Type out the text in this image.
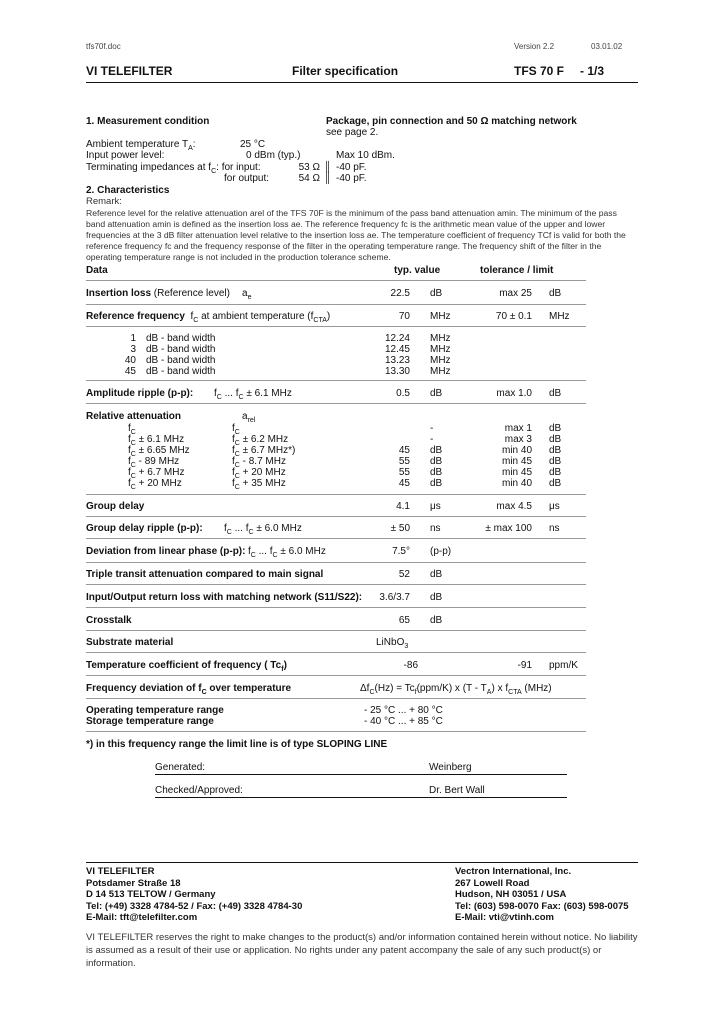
tfs70f.doc	Version 2.2	03.01.02
VI TELEFILTER	Filter specification	TFS 70 F - 1/3
1. Measurement condition	Package, pin connection and 50 Ω matching network
see page 2.
Ambient temperature $T_A$:	25 °C
Input power level:	0 dBm (typ.)	Max 10 dBm.
Terminating impedances at $f_C$: for input:	53 Ω ║ -40 pF.
for output:	54 Ω ║ -40 pF.
2. Characteristics
Remark:
Reference level for the relative attenuation arel of the TFS 70F is the minimum of the pass band attenuation amin. The minimum of the pass band attenuation amin is defined as the insertion loss ae. The reference frequency fc is the arithmetic mean value of the upper and lower frequencies at the 3 dB filter attenuation level relative to the insertion loss ae. The temperature coefficient of frequency TCf is valid for both the reference frequency fc and the frequency response of the filter in the operating temperature range. The frequency shift of the filter in the operating temperature range is not included in the production tolerance scheme.
Data	typ. value	tolerance / limit
Insertion loss (Reference level) $a_e$	22.5 dB	max 25 dB
Reference frequency $f_C$ at ambient temperature $(f_{CTA})$	70 MHz	70 ± 0.1 MHz
1 dB - band width	12.24 MHz
3 dB - band width	12.45 MHz
40 dB - band width	13.23 MHz
45 dB - band width	13.30 MHz
Amplitude ripple (p-p): $f_C$ ... $f_C \pm 6.1$ MHz	0.5 dB	max 1.0 dB
Relative attenuation	$a_{rel}$
$f_C$	$f_C$	-	max 1 dB
$f_C \pm 6.1$ MHz	$f_C \pm 6.2$ MHz	-	max 3 dB
$f_C \pm 6.65$ MHz	$f_C \pm 6.7$ MHz*)	45 dB	min 40 dB
$f_C - 89$ MHz	$f_C - 8.7$ MHz	55 dB	min 45 dB
$f_C + 6.7$ MHz	$f_C + 20$ MHz	55 dB	min 45 dB
$f_C + 20$ MHz	$f_C + 35$ MHz	45 dB	min 40 dB
Group delay	4.1 μs	max 4.5 μs
Group delay ripple (p-p): $f_C$ ... $f_C \pm 6.0$ MHz	± 50 ns	± max 100 ns
Deviation from linear phase (p-p): $f_C$ ... $f_C \pm 6.0$ MHz	7.5° (p-p)
Triple transit attenuation compared to main signal	52 dB
Input/Output return loss with matching network (S11/S22):	3.6/3.7 dB
Crosstalk	65 dB
Substrate material	LiNbO$_3$
Temperature coefficient of frequency ( $Tc_f$)	-86	-91 ppm/K
Frequency deviation of $f_C$ over temperature	$\Delta f_C(Hz) = Tc_f(ppm/K)$ x $(T - T_A)$ x $f_{CTA}$ (MHz)
Operating temperature range	- 25 °C ... + 80 °C
Storage temperature range	- 40 °C ... + 85 °C
*) in this frequency range the limit line is of type SLOPING LINE
Generated:	Weinberg
Checked/Approved:	Dr. Bert Wall
VI TELEFILTER
Potsdamer Straße 18
D 14 513 TELTOW / Germany
Tel: (+49) 3328 4784-52 / Fax: (+49) 3328 4784-30
E-Mail: tft@telefilter.com
Vectron International, Inc.
267 Lowell Road
Hudson, NH 03051 / USA
Tel: (603) 598-0070 Fax: (603) 598-0075
E-Mail: vti@vtinh.com
VI TELEFILTER reserves the right to make changes to the product(s) and/or information contained herein without notice. No liability is assumed as a result of their use or application. No rights under any patent accompany the sale of any such product(s) or information.
